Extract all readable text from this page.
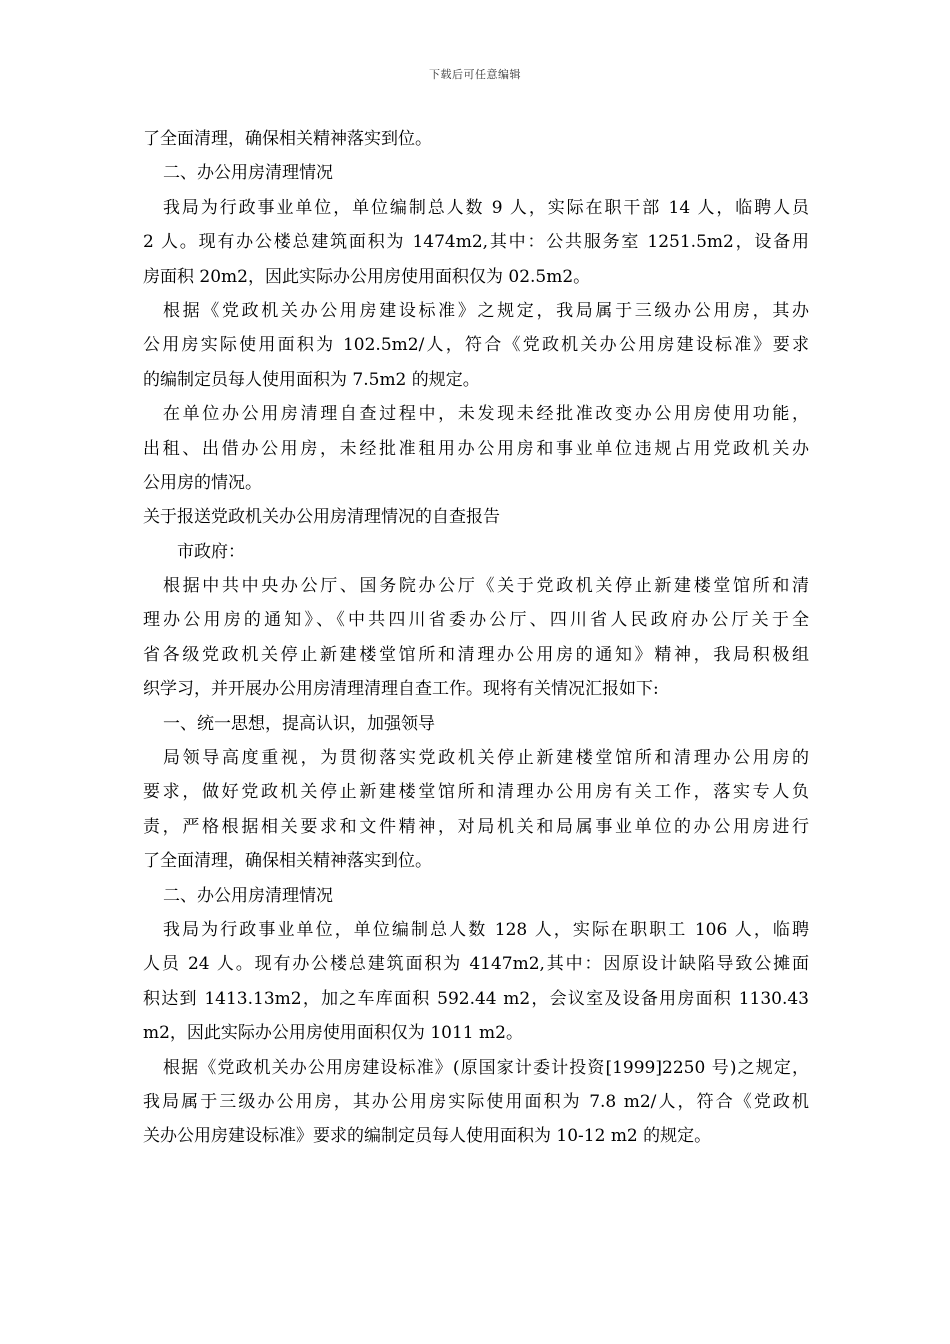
下载后可任意编辑
了全面清理，确保相关精神落实到位。
二、办公用房清理情况
我局为行政事业单位，单位编制总人数 9 人，实际在职干部 14 人，临聘人员
2 人。现有办公楼总建筑面积为 1474m2,其中：公共服务室 1251.5m2，设备用
房面积 20m2，因此实际办公用房使用面积仅为 02.5m2。
根据《党政机关办公用房建设标准》之规定，我局属于三级办公用房，其办
公用房实际使用面积为 102.5m2/人，符合《党政机关办公用房建设标准》要求
的编制定员每人使用面积为 7.5m2 的规定。
在单位办公用房清理自查过程中，未发现未经批准改变办公用房使用功能，
出租、出借办公用房，未经批准租用办公用房和事业单位违规占用党政机关办
公用房的情况。
关于报送党政机关办公用房清理情况的自查报告
市政府：
根据中共中央办公厅、国务院办公厅《关于党政机关停止新建楼堂馆所和清
理办公用房的通知》、《中共四川省委办公厅、四川省人民政府办公厅关于全
省各级党政机关停止新建楼堂馆所和清理办公用房的通知》精神，我局积极组
织学习，并开展办公用房清理清理自查工作。现将有关情况汇报如下:
一、统一思想，提高认识，加强领导
局领导高度重视，为贯彻落实党政机关停止新建楼堂馆所和清理办公用房的
要求，做好党政机关停止新建楼堂馆所和清理办公用房有关工作，落实专人负
责，严格根据相关要求和文件精神，对局机关和局属事业单位的办公用房进行
了全面清理，确保相关精神落实到位。
二、办公用房清理情况
我局为行政事业单位，单位编制总人数 128 人，实际在职职工 106 人，临聘
人员 24 人。现有办公楼总建筑面积为 4147m2,其中：因原设计缺陷导致公摊面
积达到 1413.13m2，加之车库面积 592.44 m2，会议室及设备用房面积 1130.43
m2，因此实际办公用房使用面积仅为 1011 m2。
根据《党政机关办公用房建设标准》(原国家计委计投资[1999]2250 号)之规定，
我局属于三级办公用房，其办公用房实际使用面积为 7.8 m2/人，符合《党政机
关办公用房建设标准》要求的编制定员每人使用面积为 10-12 m2 的规定。
